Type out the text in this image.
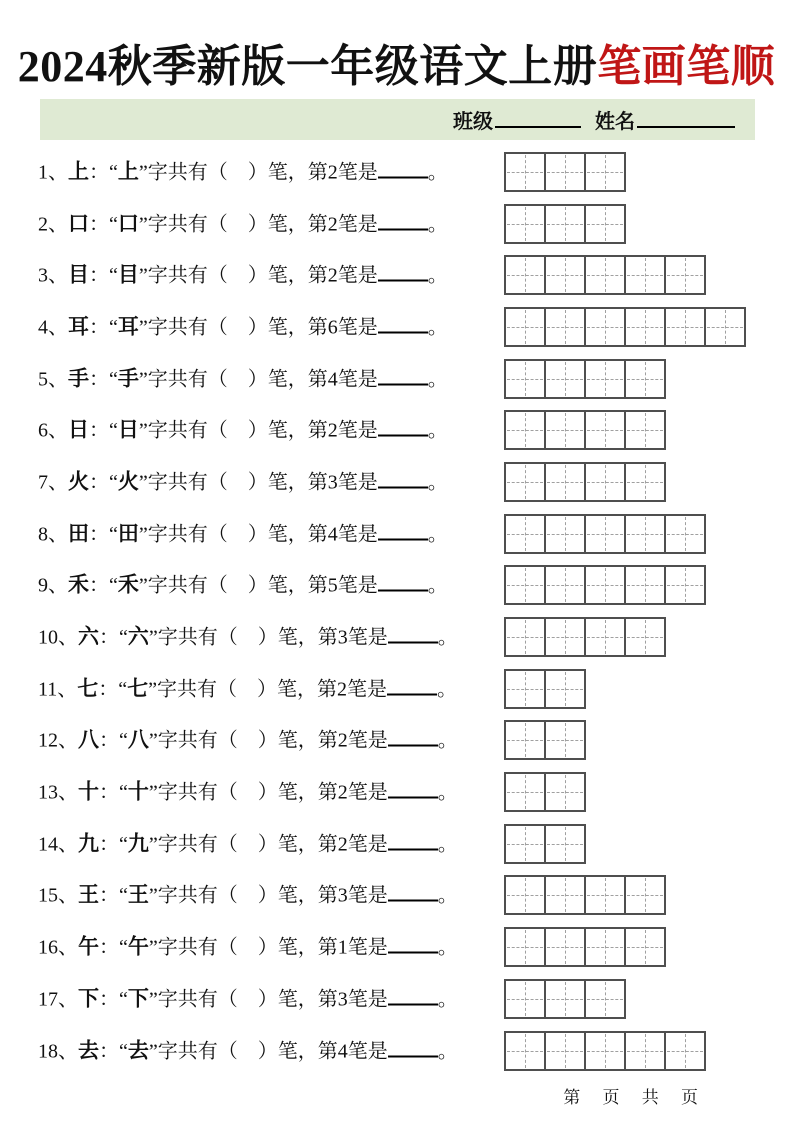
2024秋季新版一年级语文上册笔画笔顺
班级	姓名
1、上：“上”字共有（　）笔，第2笔是	。
2、口：“口”字共有（　）笔，第2笔是	。
3、目：“目”字共有（　）笔，第2笔是	。
4、耳：“耳”字共有（　）笔，第6笔是	。
5、手：“手”字共有（　）笔，第4笔是	。
6、日：“日”字共有（　）笔，第2笔是	。
7、火：“火”字共有（　）笔，第3笔是	。
8、田：“田”字共有（　）笔，第4笔是	。
9、禾：“禾”字共有（　）笔，第5笔是	。
10、六：“六”字共有（　）笔，第3笔是	。
11、七：“七”字共有（　）笔，第2笔是	。
12、八：“八”字共有（　）笔，第2笔是	。
13、十：“十”字共有（　）笔，第2笔是	。
14、九：“九”字共有（　）笔，第2笔是	。
15、王：“王”字共有（　）笔，第3笔是	。
16、午：“午”字共有（　）笔，第1笔是	。
17、下：“下”字共有（　）笔，第3笔是	。
18、去：“去”字共有（　）笔，第4笔是	。
第 页 共 页
